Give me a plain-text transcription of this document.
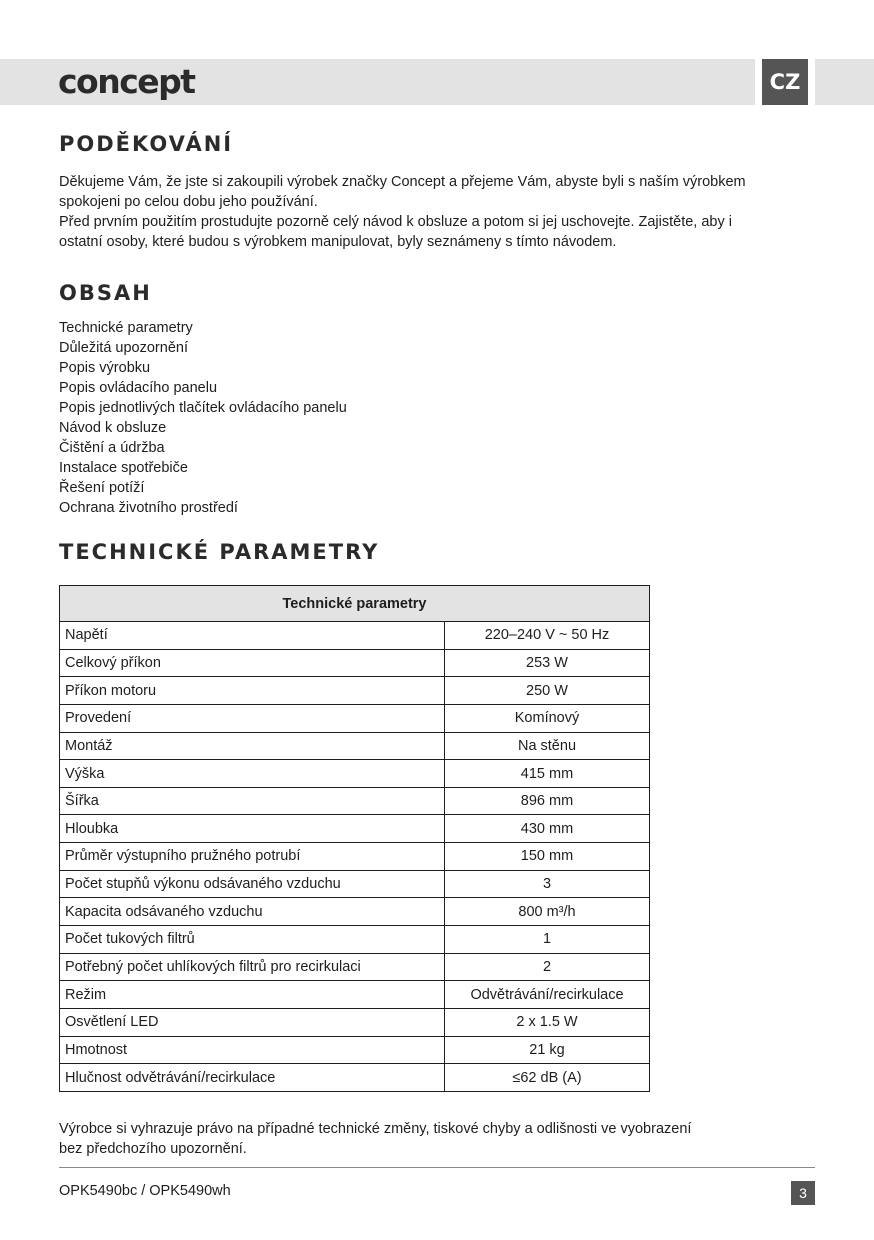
concept	CZ
PODĚKOVÁNÍ
Děkujeme Vám, že jste si zakoupili výrobek značky Concept a přejeme Vám, abyste byli s naším výrobkem
spokojeni po celou dobu jeho používání.
Před prvním použitím prostudujte pozorně celý návod k obsluze a potom si jej uschovejte. Zajistěte, aby i
ostatní osoby, které budou s výrobkem manipulovat, byly seznámeny s tímto návodem.
OBSAH
Technické parametry
Důležitá upozornění
Popis výrobku
Popis ovládacího panelu
Popis jednotlivých tlačítek ovládacího panelu
Návod k obsluze
Čištění a údržba
Instalace spotřebiče
Řešení potíží
Ochrana životního prostředí
TECHNICKÉ PARAMETRY
Technické parametry	
Napětí	220–240 V ~ 50 Hz
Celkový příkon	253 W
Příkon motoru	250 W
Provedení	Komínový
Montáž	Na stěnu
Výška	415 mm
Šířka	896 mm
Hloubka	430 mm
Průměr výstupního pružného potrubí	150 mm
Počet stupňů výkonu odsávaného vzduchu	3
Kapacita odsávaného vzduchu	800 m³/h
Počet tukových filtrů	1
Potřebný počet uhlíkových filtrů pro recirkulaci	2
Režim	Odvětrávání/recirkulace
Osvětlení LED	2 x 1.5 W
Hmotnost	21 kg
Hlučnost odvětrávání/recirkulace	≤62 dB (A)
Výrobce si vyhrazuje právo na případné technické změny, tiskové chyby a odlišnosti ve vyobrazení
bez předchozího upozornění.
OPK5490bc / OPK5490wh	3
